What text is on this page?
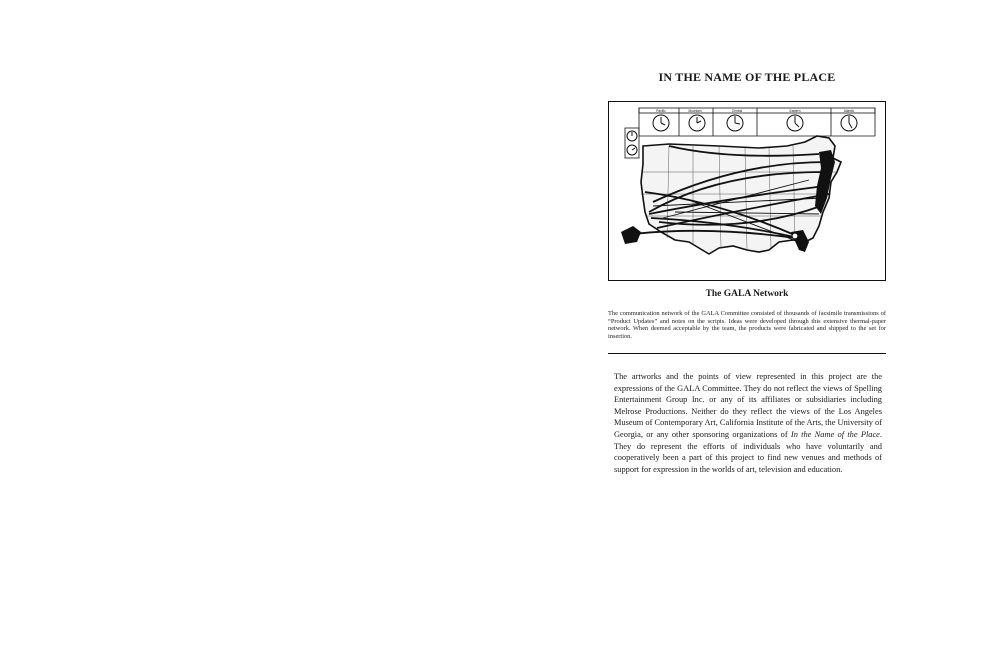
IN THE NAME OF THE PLACE
Pacific	Mountain	Central	Eastern	Atlantic
The GALA Network
The communication network of the GALA Committee consisted of thousands of facsimile transmissions of “Product Updates” and notes on the scripts. Ideas were developed through this extensive thermal-paper network. When deemed acceptable by the team, the products were fabricated and shipped to the set for insertion.
The artworks and the points of view represented in this project are the expressions of the GALA Committee. They do not reflect the views of Spelling Entertainment Group Inc. or any of its affiliates or subsidiaries including Melrose Productions. Neither do they reflect the views of the Los Angeles Museum of Contemporary Art, California Institute of the Arts, the University of Georgia, or any other sponsoring organizations of In the Name of the Place. They do represent the efforts of individuals who have voluntarily and cooperatively been a part of this project to find new venues and methods of support for expression in the worlds of art, television and education.
